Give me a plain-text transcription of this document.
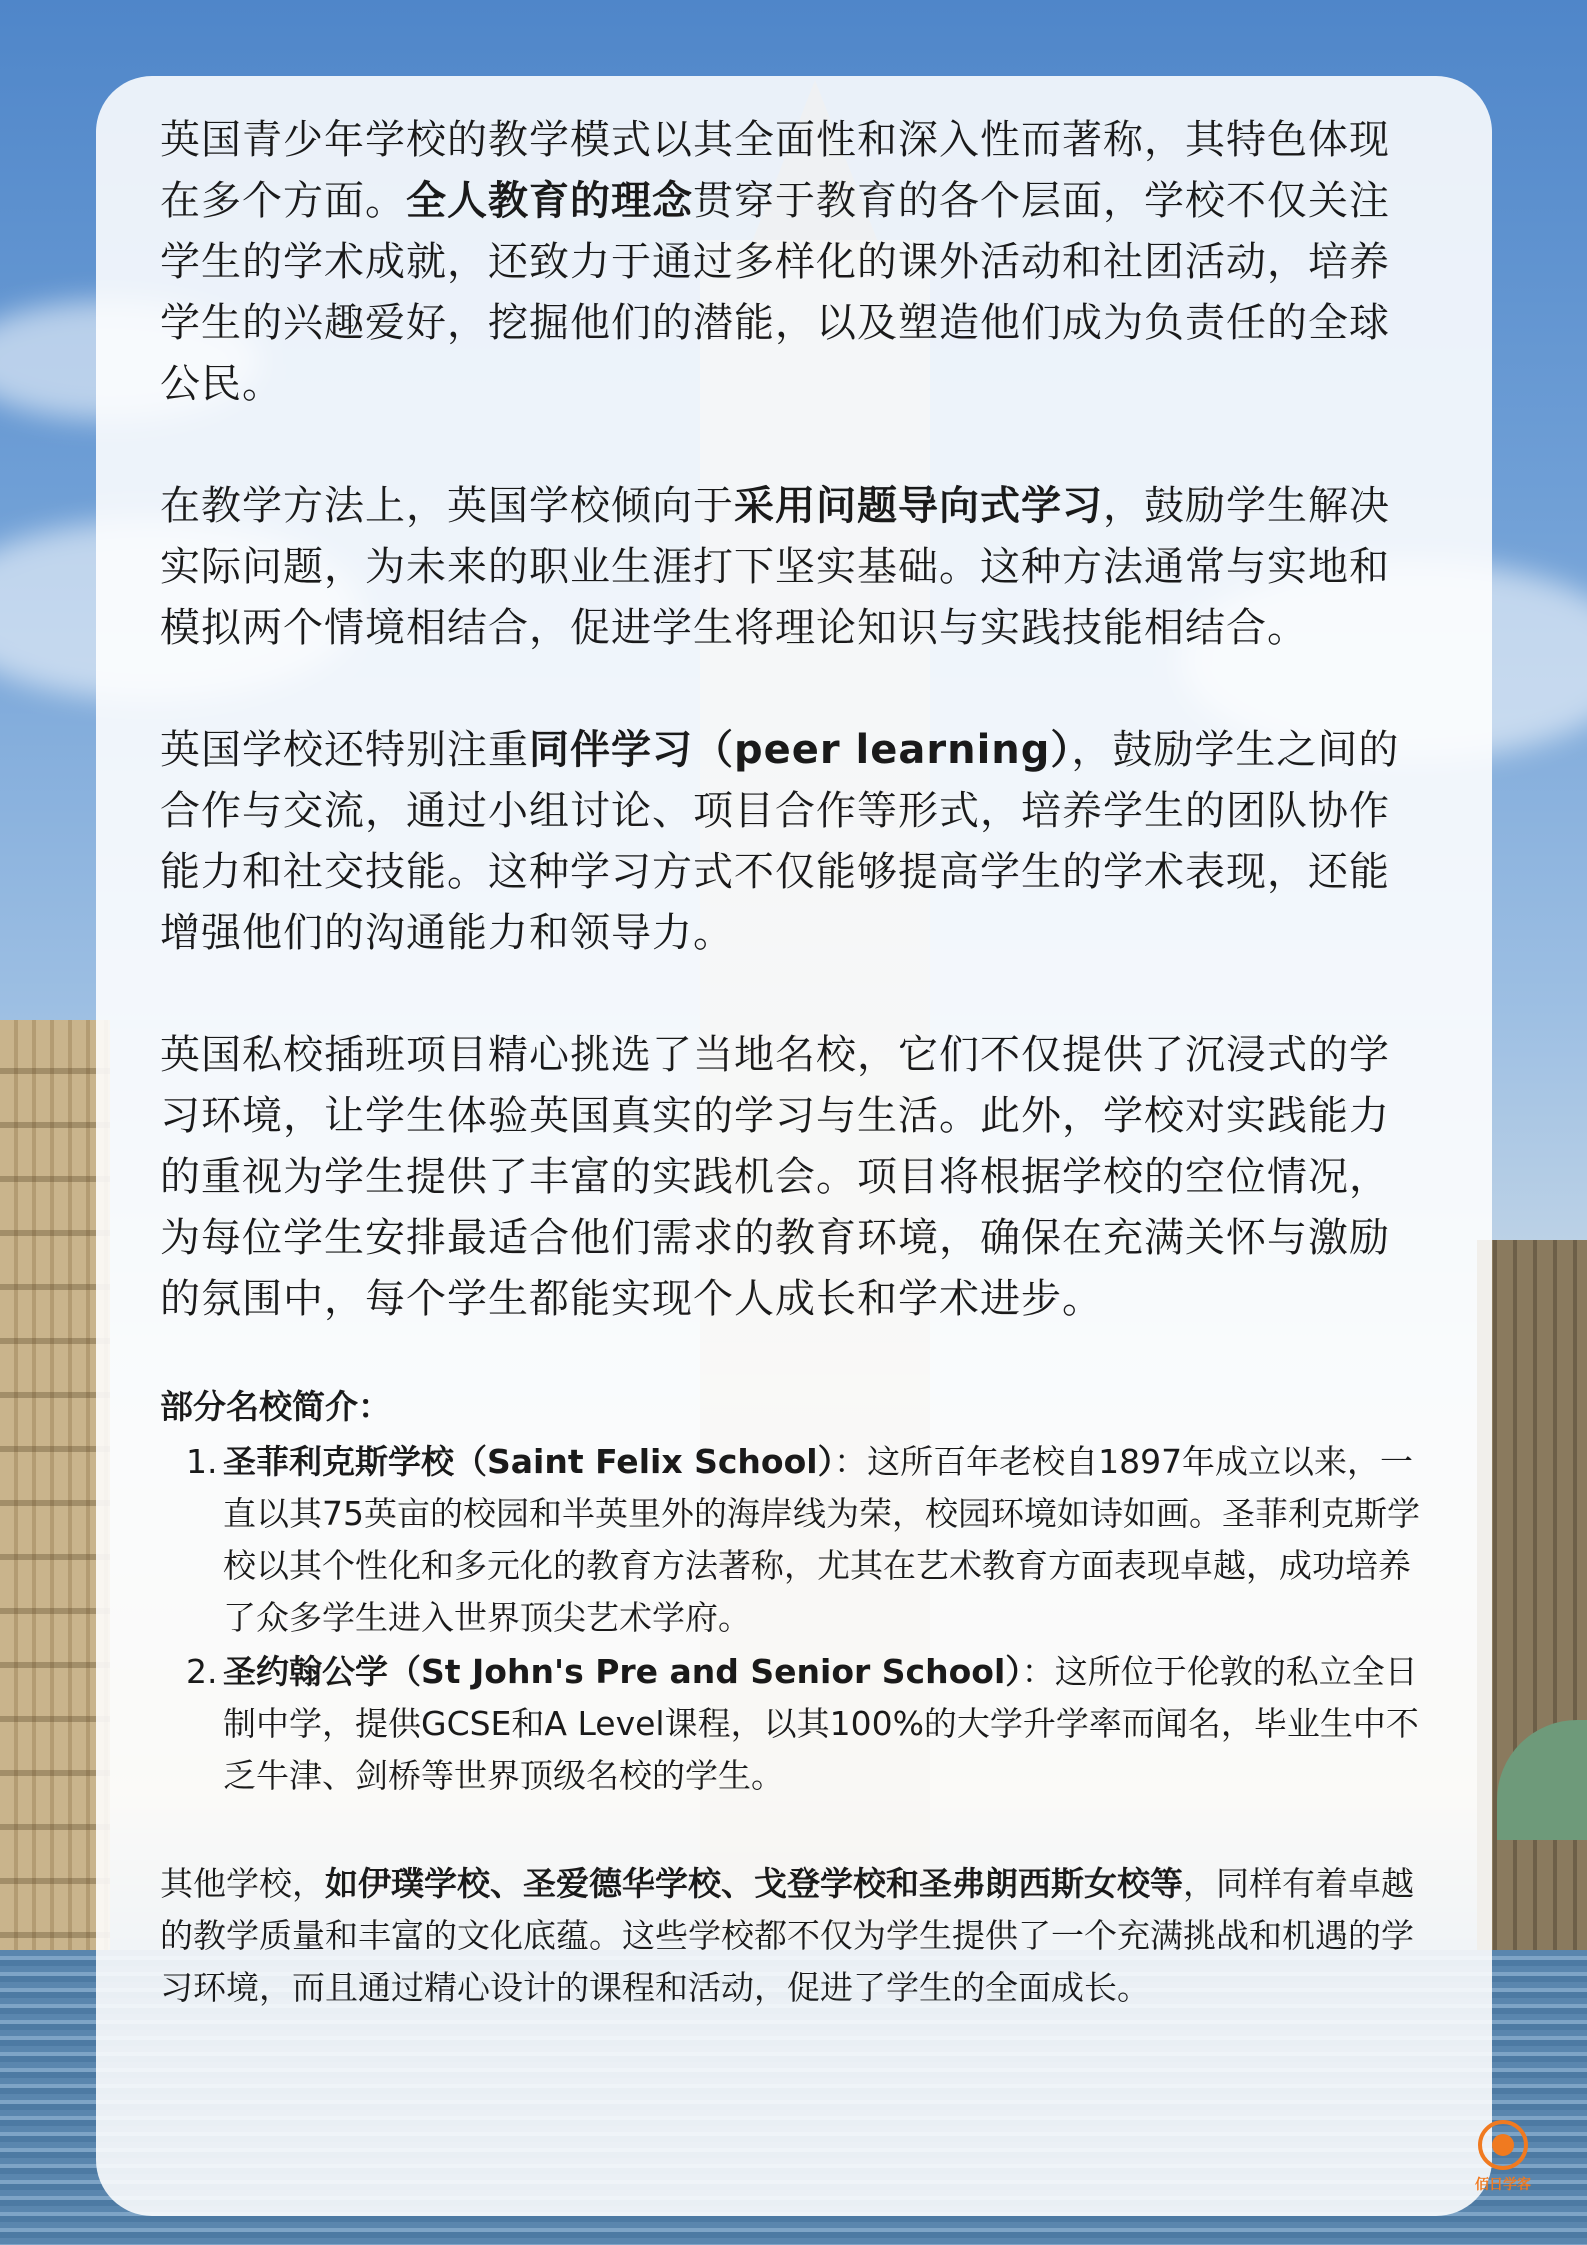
英国青少年学校的教学模式以其全面性和深入性而著称，其特色体现在多个方面。全人教育的理念贯穿于教育的各个层面，学校不仅关注学生的学术成就，还致力于通过多样化的课外活动和社团活动，培养学生的兴趣爱好，挖掘他们的潜能，以及塑造他们成为负责任的全球公民。

在教学方法上，英国学校倾向于采用问题导向式学习，鼓励学生解决实际问题，为未来的职业生涯打下坚实基础。这种方法通常与实地和模拟两个情境相结合，促进学生将理论知识与实践技能相结合。

英国学校还特别注重同伴学习（peer learning），鼓励学生之间的合作与交流，通过小组讨论、项目合作等形式，培养学生的团队协作能力和社交技能。这种学习方式不仅能够提高学生的学术表现，还能增强他们的沟通能力和领导力。

英国私校插班项目精心挑选了当地名校，它们不仅提供了沉浸式的学习环境，让学生体验英国真实的学习与生活。此外，学校对实践能力的重视为学生提供了丰富的实践机会。项目将根据学校的空位情况，为每位学生安排最适合他们需求的教育环境，确保在充满关怀与激励的氛围中，每个学生都能实现个人成长和学术进步。

部分名校简介：
1. 圣菲利克斯学校（Saint Felix School）：这所百年老校自1897年成立以来，一直以其75英亩的校园和半英里外的海岸线为荣，校园环境如诗如画。圣菲利克斯学校以其个性化和多元化的教育方法著称，尤其在艺术教育方面表现卓越，成功培养了众多学生进入世界顶尖艺术学府。
2. 圣约翰公学（St John's Pre and Senior School）：这所位于伦敦的私立全日制中学，提供GCSE和A Level课程，以其100%的大学升学率而闻名，毕业生中不乏牛津、剑桥等世界顶级名校的学生。

其他学校，如伊璞学校、圣爱德华学校、戈登学校和圣弗朗西斯女校等，同样有着卓越的教学质量和丰富的文化底蕴。这些学校都不仅为学生提供了一个充满挑战和机遇的学习环境，而且通过精心设计的课程和活动，促进了学生的全面成长。

佰日学客
